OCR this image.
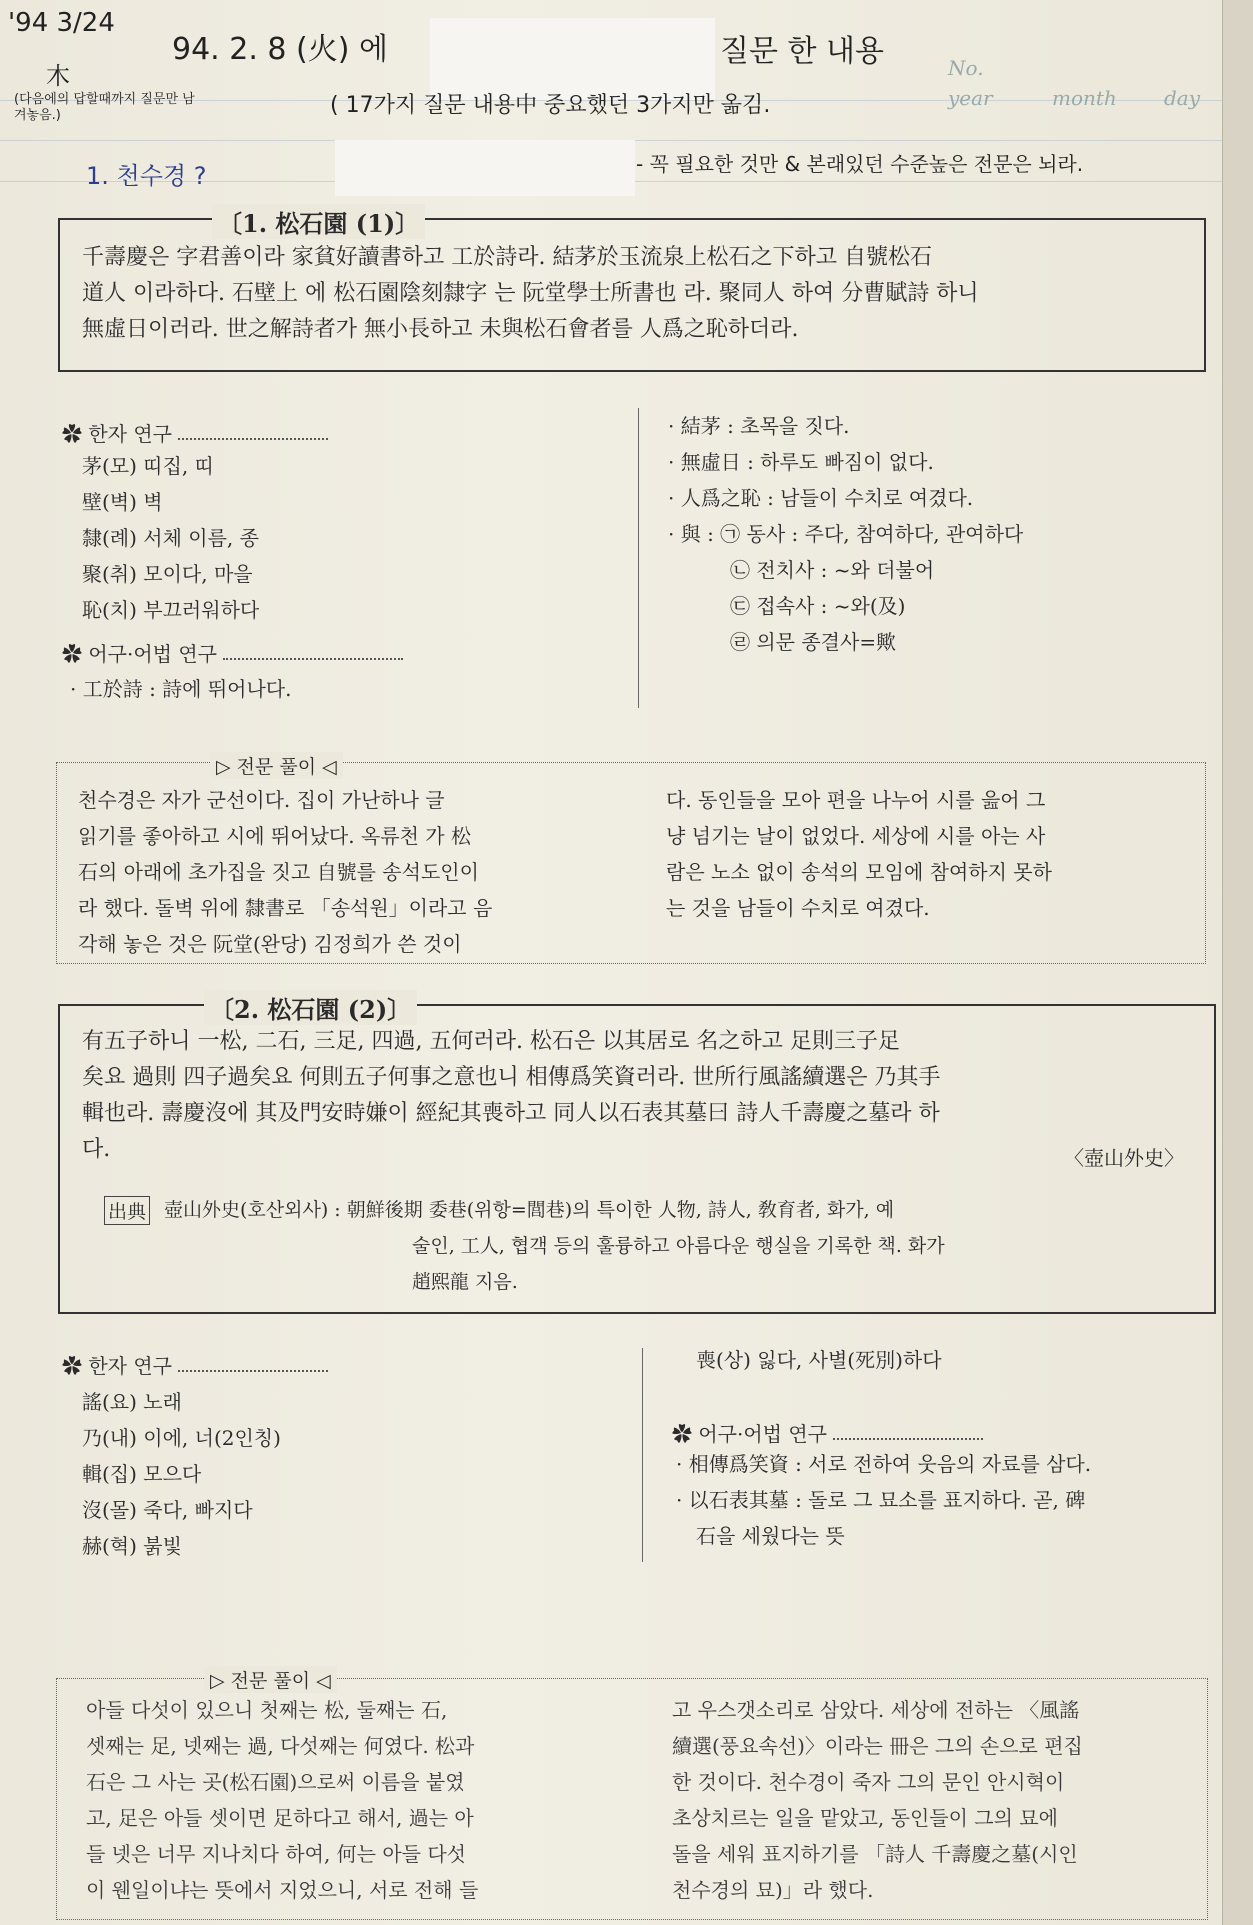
'94 3/24
木
(다음에의 답할때까지 질문만 남겨놓음.)
94. 2. 8 (火) 에	질문 한 내용
( 17가지 질문 내용中 중요했던 3가지만 옮김.
No.
year	month day
1. 천수경 ?	- 꼭 필요한 것만 & 본래있던 수준높은 전문은 뇌라.
〔1. 松石園 (1)〕
千壽慶은 字君善이라 家貧好讀書하고 工於詩라. 結茅於玉流泉上松石之下하고 自號松石
道人 이라하다. 石壁上 에 松石園陰刻隸字 는 阮堂學士所書也 라. 聚同人 하여 分曹賦詩 하니
無虛日이러라. 世之解詩者가 無小長하고 未與松石會者를 人爲之恥하더라.
✿ 한자 연구
茅(모) 띠집, 띠
壁(벽) 벽
隸(례) 서체 이름, 종
聚(취) 모이다, 마을
恥(치) 부끄러워하다
✿ 어구·어법 연구
· 工於詩 : 詩에 뛰어나다.
· 結茅 : 초목을 짓다.
· 無虛日 : 하루도 빠짐이 없다.
· 人爲之恥 : 남들이 수치로 여겼다.
· 與 : ㉠ 동사 : 주다, 참여하다, 관여하다
㉡ 전치사 : ~와 더불어
㉢ 접속사 : ~와(及)
㉣ 의문 종결사=歟
▷ 전문 풀이 ◁
천수경은 자가 군선이다. 집이 가난하나 글
읽기를 좋아하고 시에 뛰어났다. 옥류천 가 松
石의 아래에 초가집을 짓고 自號를 송석도인이
라 했다. 돌벽 위에 隸書로 「송석원」이라고 음
각해 놓은 것은 阮堂(완당) 김정희가 쓴 것이
다. 동인들을 모아 편을 나누어 시를 읊어 그
냥 넘기는 날이 없었다. 세상에 시를 아는 사
람은 노소 없이 송석의 모임에 참여하지 못하
는 것을 남들이 수치로 여겼다.
〔2. 松石園 (2)〕
有五子하니 一松, 二石, 三足, 四過, 五何러라. 松石은 以其居로 名之하고 足則三子足
矣요 過則 四子過矣요 何則五子何事之意也니 相傳爲笑資러라. 世所行風謠續選은 乃其手
輯也라. 壽慶沒에 其及門安時嫌이 經紀其喪하고 同人以石表其墓曰 詩人千壽慶之墓라 하
다.	〈壺山外史〉
出典 壺山外史(호산외사) : 朝鮮後期 委巷(위항=閭巷)의 특이한 人物, 詩人, 敎育者, 화가, 예
술인, 工人, 협객 등의 훌륭하고 아름다운 행실을 기록한 책. 화가
趙熙龍 지음.
✿ 한자 연구
謠(요) 노래
乃(내) 이에, 너(2인칭)
輯(집) 모으다
沒(몰) 죽다, 빠지다
赫(혁) 붉빛
喪(상) 잃다, 사별(死別)하다
✿ 어구·어법 연구
· 相傳爲笑資 : 서로 전하여 웃음의 자료를 삼다.
· 以石表其墓 : 돌로 그 묘소를 표지하다. 곧, 碑
石을 세웠다는 뜻
▷ 전문 풀이 ◁
아들 다섯이 있으니 첫째는 松, 둘째는 石,
셋째는 足, 넷째는 過, 다섯째는 何였다. 松과
石은 그 사는 곳(松石園)으로써 이름을 붙였
고, 足은 아들 셋이면 足하다고 해서, 過는 아
들 넷은 너무 지나치다 하여, 何는 아들 다섯
이 웬일이냐는 뜻에서 지었으니, 서로 전해 들
고 우스갯소리로 삼았다. 세상에 전하는 〈風謠
續選(풍요속선)〉이라는 冊은 그의 손으로 편집
한 것이다. 천수경이 죽자 그의 문인 안시혁이
초상치르는 일을 맡았고, 동인들이 그의 묘에
돌을 세워 표지하기를 「詩人 千壽慶之墓(시인
천수경의 묘)」라 했다.
